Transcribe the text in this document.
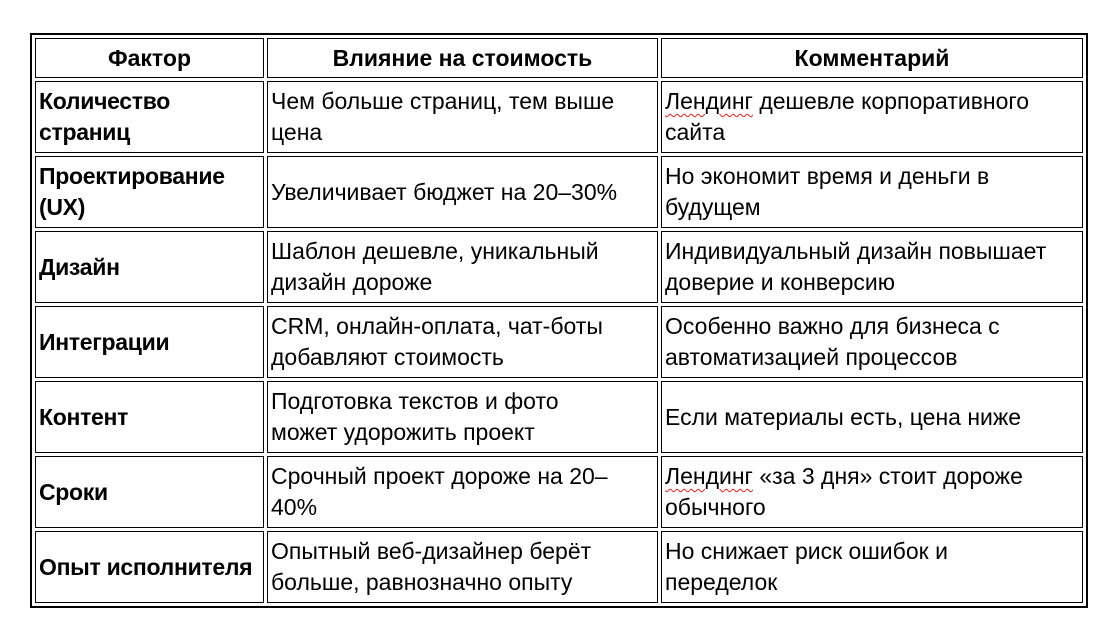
Фактор	Влияние на стоимость	Комментарий
Количество страниц	Чем больше страниц, тем выше цена	Лендинг дешевле корпоративного сайта
Проектирование (UX)	Увеличивает бюджет на 20–30%	Но экономит время и деньги в будущем
Дизайн	Шаблон дешевле, уникальный дизайн дороже	Индивидуальный дизайн повышает доверие и конверсию
Интеграции	CRM, онлайн-оплата, чат-боты добавляют стоимость	Особенно важно для бизнеса с автоматизацией процессов
Контент	Подготовка текстов и фото может удорожить проект	Если материалы есть, цена ниже
Сроки	Срочный проект дороже на 20–40%	Лендинг «за 3 дня» стоит дороже обычного
Опыт исполнителя	Опытный веб-дизайнер берёт больше, равнозначно опыту	Но снижает риск ошибок и переделок
